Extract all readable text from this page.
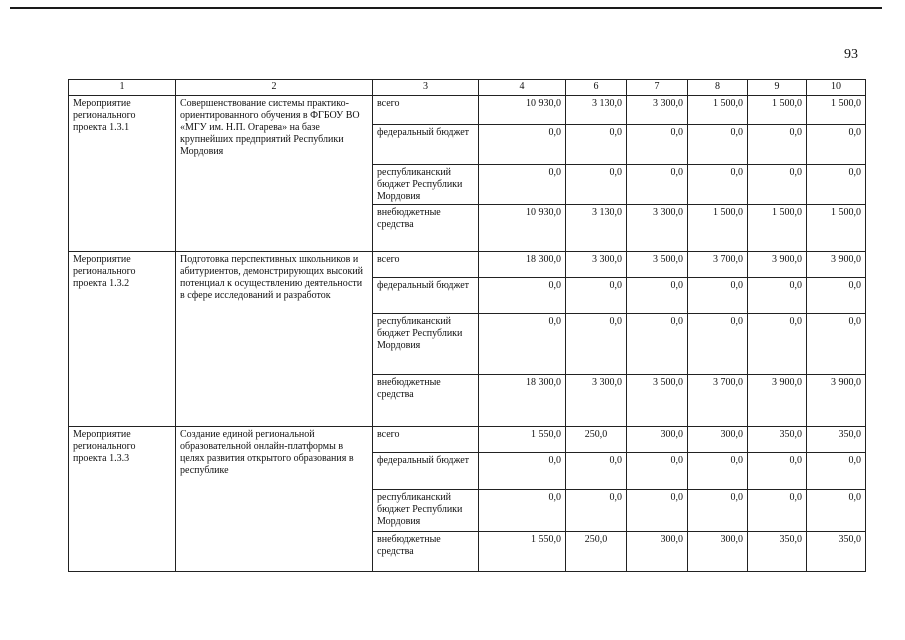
93
1	2	3	4	6	7	8	9	10
Мероприятие регионального проекта 1.3.1	Совершенствование системы практико-ориентированного обучения в ФГБОУ ВО «МГУ им. Н.П. Огарева» на базе крупнейших предприятий Республики Мордовия	всего	10 930,0	3 130,0	3 300,0	1 500,0	1 500,0	1 500,0
		федеральный бюджет	0,0	0,0	0,0	0,0	0,0	0,0
		республиканский бюджет Республики Мордовия	0,0	0,0	0,0	0,0	0,0	0,0
		внебюджетные средства	10 930,0	3 130,0	3 300,0	1 500,0	1 500,0	1 500,0
Мероприятие регионального проекта 1.3.2	Подготовка перспективных школьников и абитуриентов, демонстрирующих высокий потенциал к осуществлению деятельности в сфере исследований и разработок	всего	18 300,0	3 300,0	3 500,0	3 700,0	3 900,0	3 900,0
		федеральный бюджет	0,0	0,0	0,0	0,0	0,0	0,0
		республиканский бюджет Республики Мордовия	0,0	0,0	0,0	0,0	0,0	0,0
		внебюджетные средства	18 300,0	3 300,0	3 500,0	3 700,0	3 900,0	3 900,0
Мероприятие регионального проекта 1.3.3	Создание единой региональной образовательной онлайн-платформы в целях развития открытого образования в республике	всего	1 550,0	250,0	300,0	300,0	350,0	350,0
		федеральный бюджет	0,0	0,0	0,0	0,0	0,0	0,0
		республиканский бюджет Республики Мордовия	0,0	0,0	0,0	0,0	0,0	0,0
		внебюджетные средства	1 550,0	250,0	300,0	300,0	350,0	350,0
